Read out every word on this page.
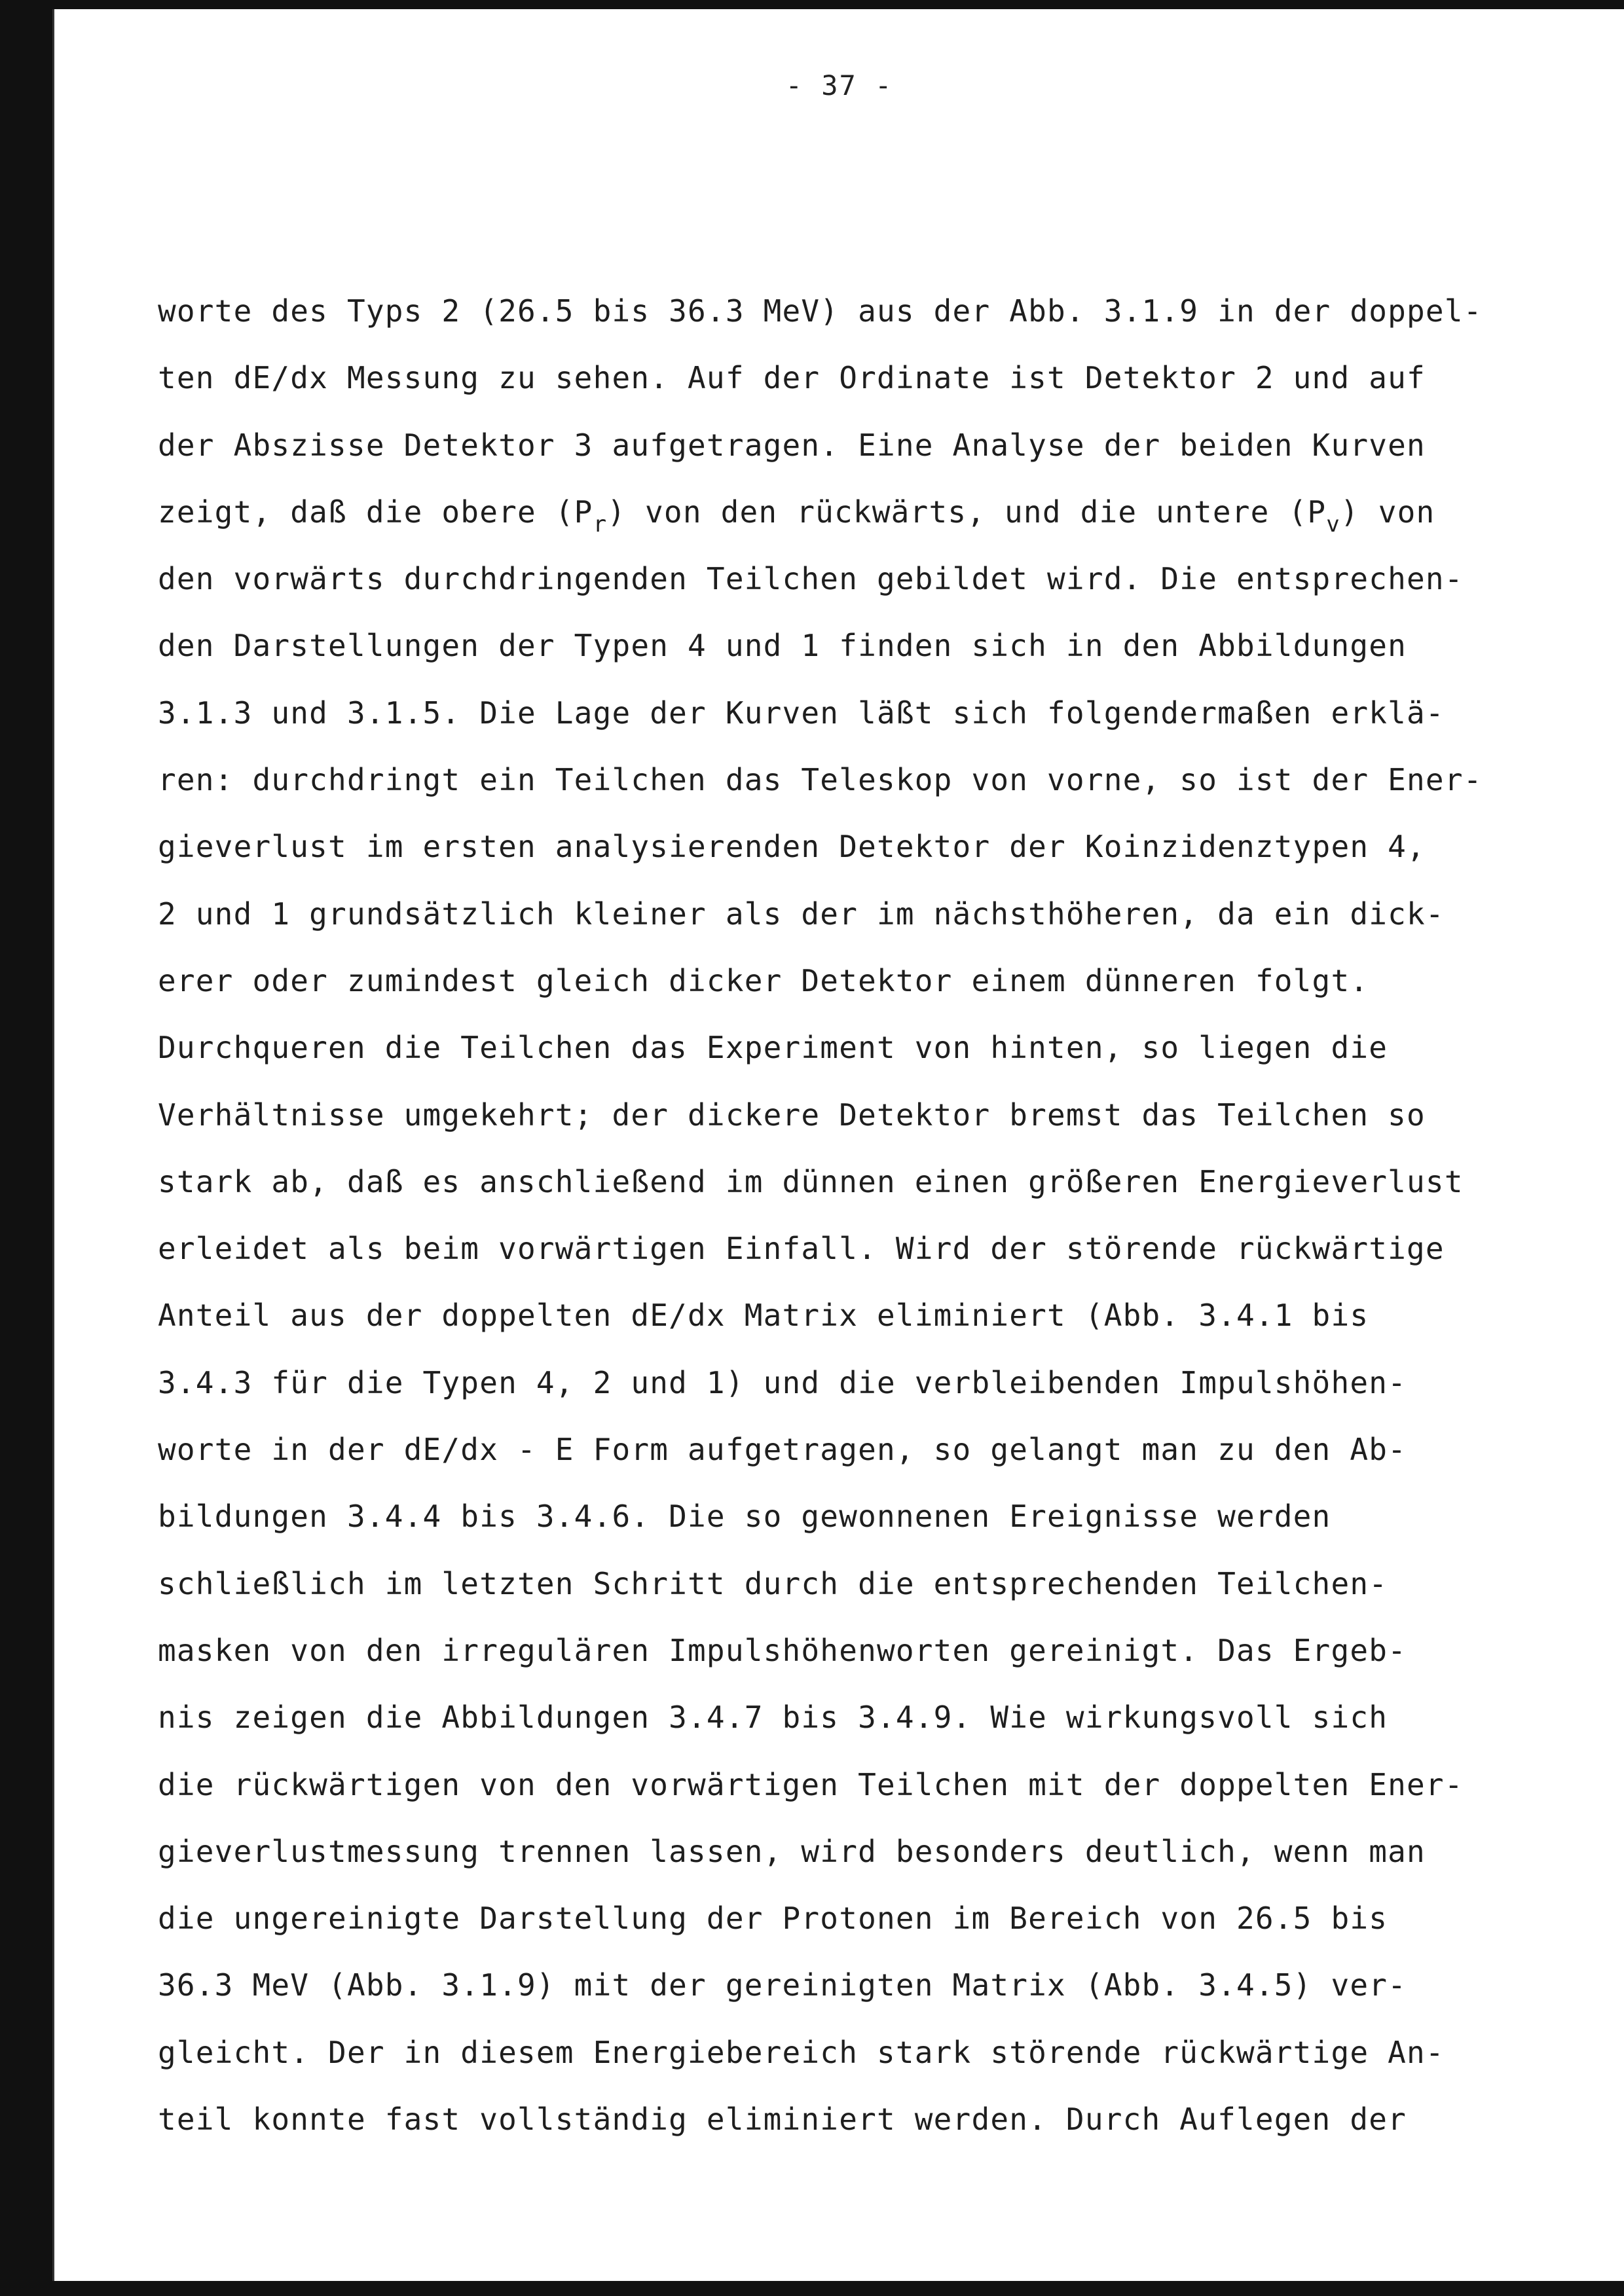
- 37 -
worte des Typs 2 (26.5 bis 36.3 MeV) aus der Abb. 3.1.9 in der doppel-
ten dE/dx Messung zu sehen. Auf der Ordinate ist Detektor 2 und auf
der Abszisse Detektor 3 aufgetragen. Eine Analyse der beiden Kurven
zeigt, daß die obere $(P_r)$ von den rückwärts, und die untere $(P_v)$ von
den vorwärts durchdringenden Teilchen gebildet wird. Die entsprechen-
den Darstellungen der Typen 4 und 1 finden sich in den Abbildungen
3.1.3 und 3.1.5. Die Lage der Kurven läßt sich folgendermaßen erklä-
ren: durchdringt ein Teilchen das Teleskop von vorne, so ist der Ener-
gieverlust im ersten analysierenden Detektor der Koinzidenztypen 4,
2 und 1 grundsätzlich kleiner als der im nächsthöheren, da ein dick-
erer oder zumindest gleich dicker Detektor einem dünneren folgt.
Durchqueren die Teilchen das Experiment von hinten, so liegen die
Verhältnisse umgekehrt; der dickere Detektor bremst das Teilchen so
stark ab, daß es anschließend im dünnen einen größeren Energieverlust
erleidet als beim vorwärtigen Einfall. Wird der störende rückwärtige
Anteil aus der doppelten dE/dx Matrix eliminiert (Abb. 3.4.1 bis
3.4.3 für die Typen 4, 2 und 1) und die verbleibenden Impulshöhen-
worte in der dE/dx - E Form aufgetragen, so gelangt man zu den Ab-
bildungen 3.4.4 bis 3.4.6. Die so gewonnenen Ereignisse werden
schließlich im letzten Schritt durch die entsprechenden Teilchen-
masken von den irregulären Impulshöhenworten gereinigt. Das Ergeb-
nis zeigen die Abbildungen 3.4.7 bis 3.4.9. Wie wirkungsvoll sich
die rückwärtigen von den vorwärtigen Teilchen mit der doppelten Ener-
gieverlustmessung trennen lassen, wird besonders deutlich, wenn man
die ungereinigte Darstellung der Protonen im Bereich von 26.5 bis
36.3 MeV (Abb. 3.1.9) mit der gereinigten Matrix (Abb. 3.4.5) ver-
gleicht. Der in diesem Energiebereich stark störende rückwärtige An-
teil konnte fast vollständig eliminiert werden. Durch Auflegen der
